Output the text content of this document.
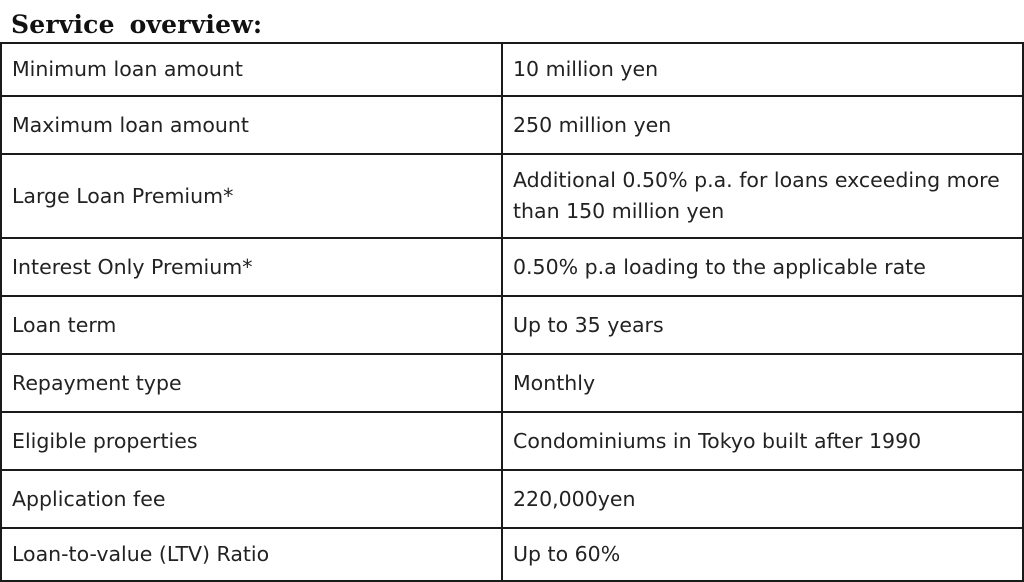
Service overview:
Minimum loan amount	10 million yen
Maximum loan amount	250 million yen
Large Loan Premium*	Additional 0.50% p.a. for loans exceeding more than 150 million yen
Interest Only Premium*	0.50% p.a loading to the applicable rate
Loan term	Up to 35 years
Repayment type	Monthly
Eligible properties	Condominiums in Tokyo built after 1990
Application fee	220,000yen
Loan-to-value (LTV) Ratio	Up to 60%
